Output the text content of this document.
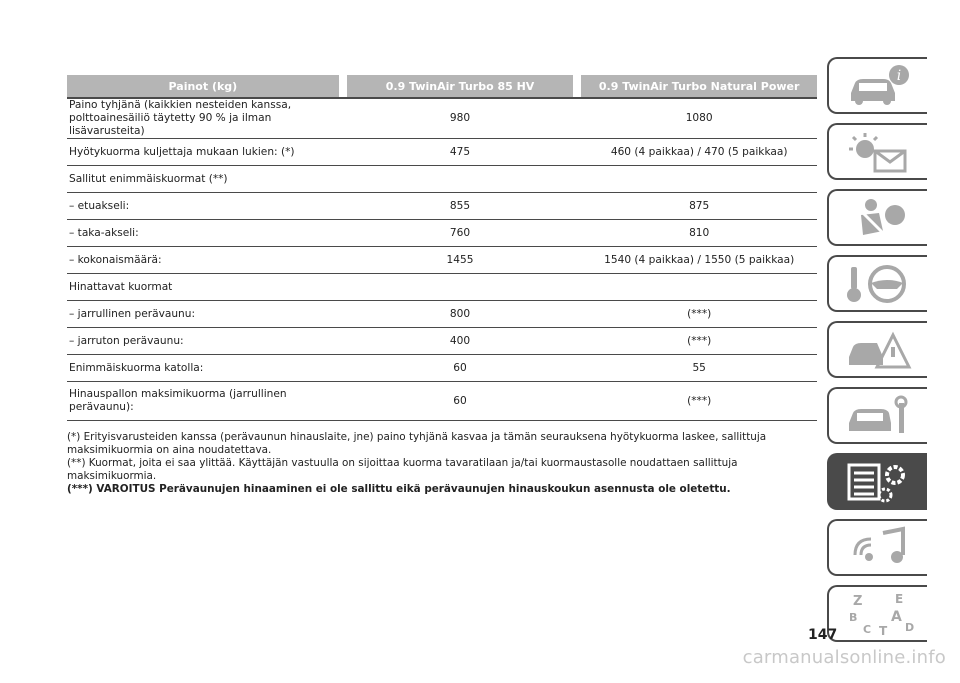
Painot (kg)		0.9 TwinAir Turbo 85 HV		0.9 TwinAir Turbo Natural Power
Paino tyhjänä (kaikkien nesteiden kanssa,
polttoainesäiliö täytetty 90 % ja ilman lisävarusteita)		980		1080
Hyötykuorma kuljettaja mukaan lukien: (*)		475		460 (4 paikkaa) / 470 (5 paikkaa)
Sallitut enimmäiskuormat (**)				
– etuakseli:		855		875
– taka-akseli:		760		810
– kokonaismäärä:		1455		1540 (4 paikkaa) / 1550 (5 paikkaa)
Hinattavat kuormat				
– jarrullinen perävaunu:		800		(***)
– jarruton perävaunu:		400		(***)
Enimmäiskuorma katolla:		60		55
Hinauspallon maksimikuorma (jarrullinen
perävaunu):		60		(***)

(*) Erityisvarusteiden kanssa (perävaunun hinauslaite, jne) paino tyhjänä kasvaa ja tämän seurauksena hyötykuorma laskee, sallittuja
maksimikuormia on aina noudatettava.

(**) Kuormat, joita ei saa ylittää. Käyttäjän vastuulla on sijoittaa kuorma tavaratilaan ja/tai kuormaustasolle noudattaen sallittuja maksimikuormia.

(***) VAROITUS Perävaunujen hinaaminen ei ole sallittu eikä perävaunujen hinauskoukun asennusta ole oletettu.

i
Z	E
B A
C T D
147
carmanualsonline.info
